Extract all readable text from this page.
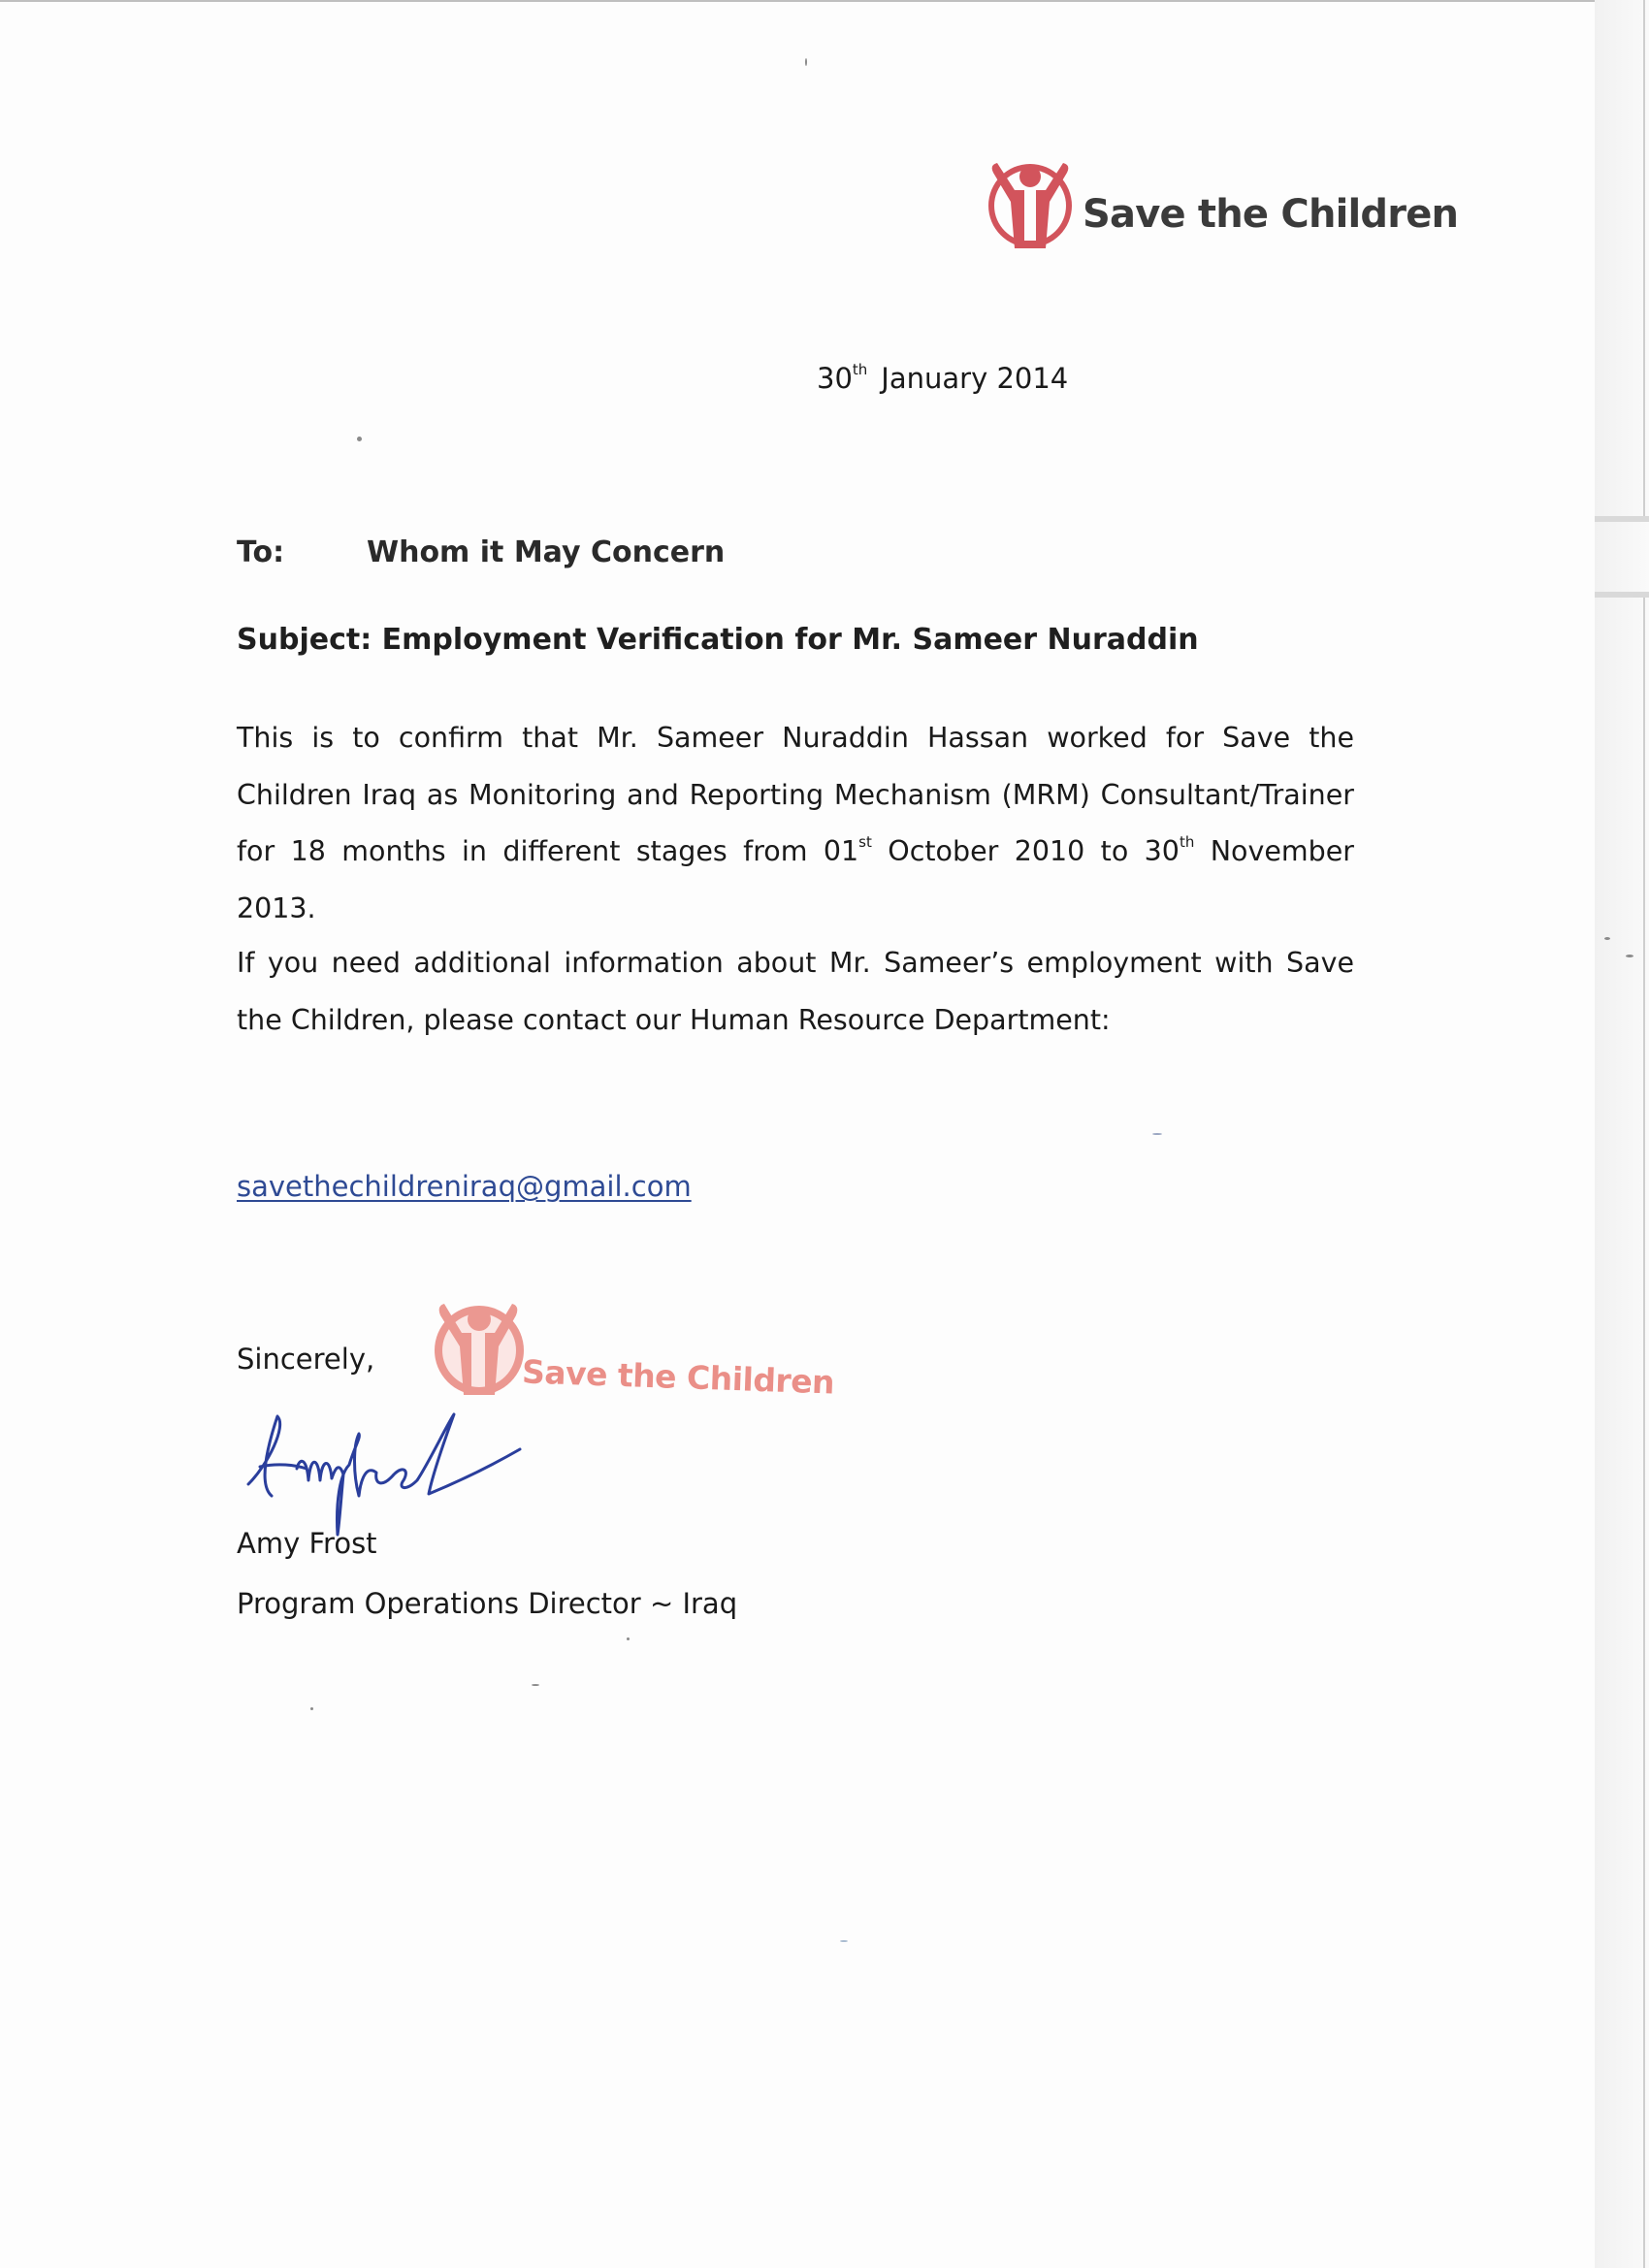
Save the Children
30th January 2014
To:	Whom it May Concern
Subject: Employment Verification for Mr. Sameer Nuraddin

This is to confirm that Mr. Sameer Nuraddin Hassan worked for Save the Children Iraq as Monitoring and Reporting Mechanism (MRM) Consultant/Trainer for 18 months in different stages from 01st October 2010 to 30th November 2013.

If you need additional information about Mr. Sameer’s employment with Save the Children, please contact our Human Resource Department:

savethechildreniraq@gmail.com
Sincerely,	Save the Children
Amy Frost
Program Operations Director ~ Iraq
